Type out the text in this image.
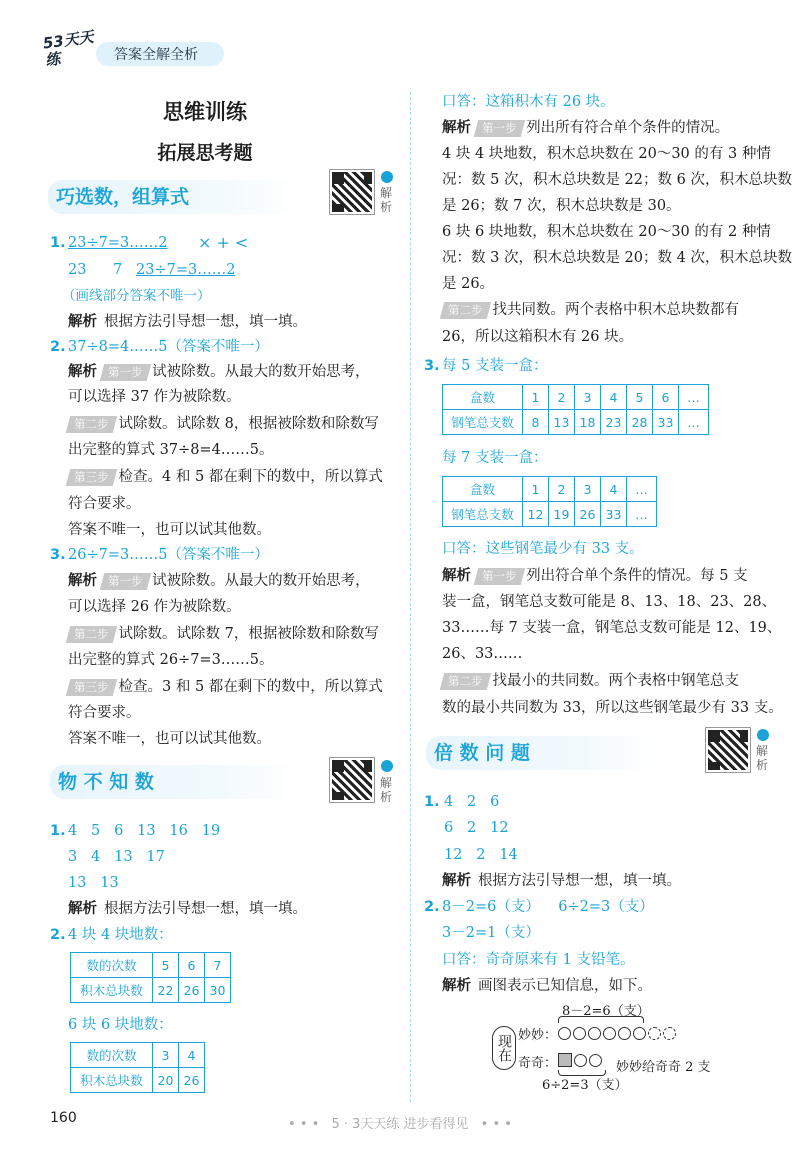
53天天练	答案全解全析
思维训练
拓展思考题
巧选数，组算式	解析
1. 23÷7=3……2 × + <
23 7 23÷7=3……2
（画线部分答案不唯一）
解析 根据方法引导想一想，填一填。
2. 37÷8=4……5（答案不唯一）
解析 第一步 试被除数。从最大的数开始思考，
可以选择 37 作为被除数。
第二步 试除数。试除数 8，根据被除数和除数写
出完整的算式 37÷8=4……5。
第三步 检查。4 和 5 都在剩下的数中，所以算式
符合要求。
答案不唯一，也可以试其他数。
3. 26÷7=3……5（答案不唯一）
解析 第一步 试被除数。从最大的数开始思考，
可以选择 26 作为被除数。
第二步 试除数。试除数 7，根据被除数和除数写
出完整的算式 26÷7=3……5。
第三步 检查。3 和 5 都在剩下的数中，所以算式
符合要求。
答案不唯一，也可以试其他数。
物 不 知 数	解析
1. 4   5   6   13   16   19
3   4   13   17
13   13
解析 根据方法引导想一想，填一填。
2. 4 块 4 块地数：
数的次数	5	6	7
积木总块数	22	26	30
6 块 6 块地数：
数的次数	3	4
积木总块数	20	26
口答：这箱积木有 26 块。
解析 第一步 列出所有符合单个条件的情况。
4 块 4 块地数，积木总块数在 20～30 的有 3 种情
况：数 5 次，积木总块数是 22；数 6 次，积木总块数
是 26；数 7 次，积木总块数是 30。
6 块 6 块地数，积木总块数在 20～30 的有 2 种情
况：数 3 次，积木总块数是 20；数 4 次，积木总块数
是 26。
第二步 找共同数。两个表格中积木总块数都有
26，所以这箱积木有 26 块。
3. 每 5 支装一盒：
盒数	1	2	3	4	5	6	…
钢笔总支数	8	13	18	23	28	33	…
每 7 支装一盒：
盒数	1	2	3	4	…
钢笔总支数	12	19	26	33	…
口答：这些钢笔最少有 33 支。
解析 第一步 列出符合单个条件的情况。每 5 支
装一盒，钢笔总支数可能是 8、13、18、23、28、
33……每 7 支装一盒，钢笔总支数可能是 12、19、
26、33……
第二步 找最小的共同数。两个表格中钢笔总支
数的最小共同数为 33，所以这些钢笔最少有 33 支。
倍 数 问 题	解析
1. 4   2   6
6   2   12
12   2   14
解析 根据方法引导想一想，填一填。
2. 8－2=6（支）    6÷2=3（支）
3－2=1（支）
口答：奇奇原来有 1 支铅笔。
解析 画图表示已知信息，如下。
8－2=6（支）
现在 妙妙：
奇奇：	妙妙给奇奇 2 支
6÷2=3（支）
160	• • • 5 · 3天天练 进步看得见 • • •
